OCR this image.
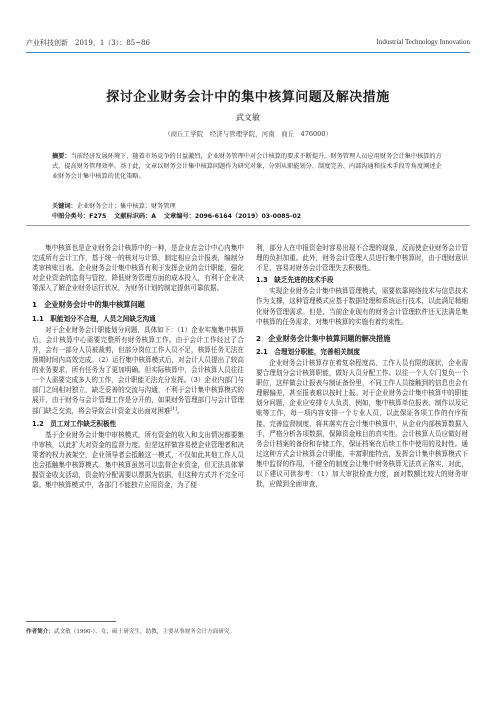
产业科技创新　2019，1（3）：85~86	Industrial Technology Innovation
探讨企业财务会计中的集中核算问题及解决措施
武文敏
（商丘工学院　经济与管理学院，河南　商丘　476000）
摘要：当前经济发展环境下，随着市场竞争的日益激烈，企业财务管理中对会计核算的要求不断提升。财务管理人员应用财务会计集中核算的方式，提高财务管理效率。基于此，文章以财务会计集中核算问题作为研究对象，分别从职能划分、制度完善、内部沟通和技术手段等角度阐述企业财务会计集中核算的优化策略。
关键词：企业财务会计；集中核算；财务管理
中图分类号：F275 文献标识码：A 文章编号：2096-6164（2019）03-0085-02

集中核算也是企业财务会计核算中的一种，是企业在会计中心内集中完成所有会计工作，基于统一的核对与计算，制定相应会计报表，编制分类审核账目表。企业财务会计集中核算有利于发挥企业的会计职能，强化对企业资金的监督与管控，降低财务管理方面的成本投入，有利于企业决策深入了解企业财务运行状况，为财务计划的制定提供可靠依据。

1　企业财务会计中的集中核算问题
1.1　职能划分不合理，人员之间缺乏沟通

对于企业财务会计职能划分问题，具体如下：（1）企业实施集中核算后，会计核算中心需要完整所有财务核算工作。由于会计工作经过了合并，会有一部分人员被裁剪，但部分岗位工作人员不足，核算任务无法在预期时间内高效完成。（2）运行集中核算模式后，对会计人员提出了较高的业务要求，所有任务为了更加明确。但实际核算中，会计核算人员往往一个人需要完成多人的工作，会计职能无法充分发挥。（3）企业内部门与部门之间相对独立，缺乏妥善的交流与沟通，不利于会计集中核算模式的展开，由于财务与会计管理工作是分开的，如果财务管理部门与会计管理部门缺乏交流，将会导致会计资金支出面对困难[1]。

1.2　员工对工作缺乏积极性

基于企业财务会计集中审核模式，所有资金的收入和支出情况都要集中审核，以此扩大对资金的监督力度。但是这样做容易使企业管理者和决策者的权力被架空，企业领导者会抵触这一模式，不仅如此其他工作人员也会抵触集中核算模式。集中核算虽然可以监督企业资金，但无法具体掌握资金收支活动，资金的分配需要以票据为依据，但这种方式并不完全可靠。集中核算模式中，各部门不能独立应用资金，为了便

利，部分人在申报资金时容易出现不合理的现象，反而使企业财务会计管理的负担加重。此外，财务会计管理人员进行集中核算时，由于理财意识不足，容易对财务会计管理失去积极性。

1.3　缺乏先进的技术手段

实现企业财务会计集中核算管理模式，需要依靠网络技术与信息技术作为支撑，这种管理模式应基于数据处理和系统运行技术，以此满足精细化财务管理需求。但是，当前企业现有的财务会计管理软件还无法满足集中核算的任务需求，对集中核算的实施有着约束性。

2　企业财务会计集中核算问题的解决措施
2.1　合理划分职能，完善相关制度

企业财务会计核算存在着复杂程度高，工作人员有限的现状，企业需要合理划分会计核算职能，做好人员分配工作。以往一个人专门复负一个职位，这样做会让报表与制证备份里，不同工作人员接触到的信息也会有理解偏差，甚至报表难以按时上报。对于企业财务会计集中核算中的职能划分问题，企业应安排专人负责，例如，集中核算单位报表、制作以及记账等工作，每一项内容安排一个专业人员，以此保证各项工作的有序衔接。完善监督制度，将其落实在会计集中核算中，从企业内部核算数据入手，严格分析各项数据，保障资金账目的真实性。会计核算人员应做好财务会计档案的备份和存储工作，保证档案在后续工作中使用的及时性。通过这种方式会计核算会计职能，丰富职能特点，发挥会计集中核算模式下集中监督的作用，不健全的制度会让集中财务核算无法真正落实，对此，以下建议可供参考：（1）加大审批检查力度，面对数额比较大的财务审批，应做到全面审查，

作者简介：武文敏（1990-），女，硕士研究生，助教，主要从事财务会计方面研究。
